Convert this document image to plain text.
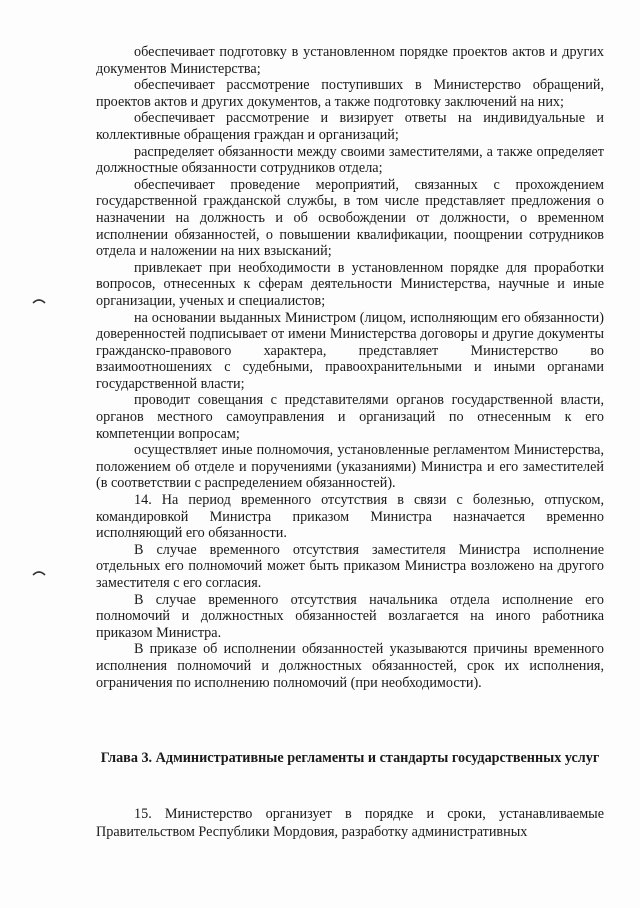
обеспечивает подготовку в установленном порядке проектов актов и других документов Министерства;

обеспечивает рассмотрение поступивших в Министерство обращений, проектов актов и других документов, а также подготовку заключений на них;

обеспечивает рассмотрение и визирует ответы на индивидуальные и коллективные обращения граждан и организаций;

распределяет обязанности между своими заместителями, а также определяет должностные обязанности сотрудников отдела;

обеспечивает проведение мероприятий, связанных с прохождением государственной гражданской службы, в том числе представляет предложения о назначении на должность и об освобождении от должности, о временном исполнении обязанностей, о повышении квалификации, поощрении сотрудников отдела и наложении на них взысканий;

привлекает при необходимости в установленном порядке для проработки вопросов, отнесенных к сферам деятельности Министерства, научные и иные организации, ученых и специалистов;

на основании выданных Министром (лицом, исполняющим его обязанности) доверенностей подписывает от имени Министерства договоры и другие документы гражданско-правового характера, представляет Министерство во взаимоотношениях с судебными, правоохранительными и иными органами государственной власти;

проводит совещания с представителями органов государственной власти, органов местного самоуправления и организаций по отнесенным к его компетенции вопросам;

осуществляет иные полномочия, установленные регламентом Министерства, положением об отделе и поручениями (указаниями) Министра и его заместителей (в соответствии с распределением обязанностей).

14. На период временного отсутствия в связи с болезнью, отпуском, командировкой Министра приказом Министра назначается временно исполняющий его обязанности.

В случае временного отсутствия заместителя Министра исполнение отдельных его полномочий может быть приказом Министра возложено на другого заместителя с его согласия.

В случае временного отсутствия начальника отдела исполнение его полномочий и должностных обязанностей возлагается на иного работника приказом Министра.

В приказе об исполнении обязанностей указываются причины временного исполнения полномочий и должностных обязанностей, срок их исполнения, ограничения по исполнению полномочий (при необходимости).

Глава 3. Административные регламенты и стандарты государственных услуг

15. Министерство организует в порядке и сроки, устанавливаемые Правительством Республики Мордовия, разработку административных
